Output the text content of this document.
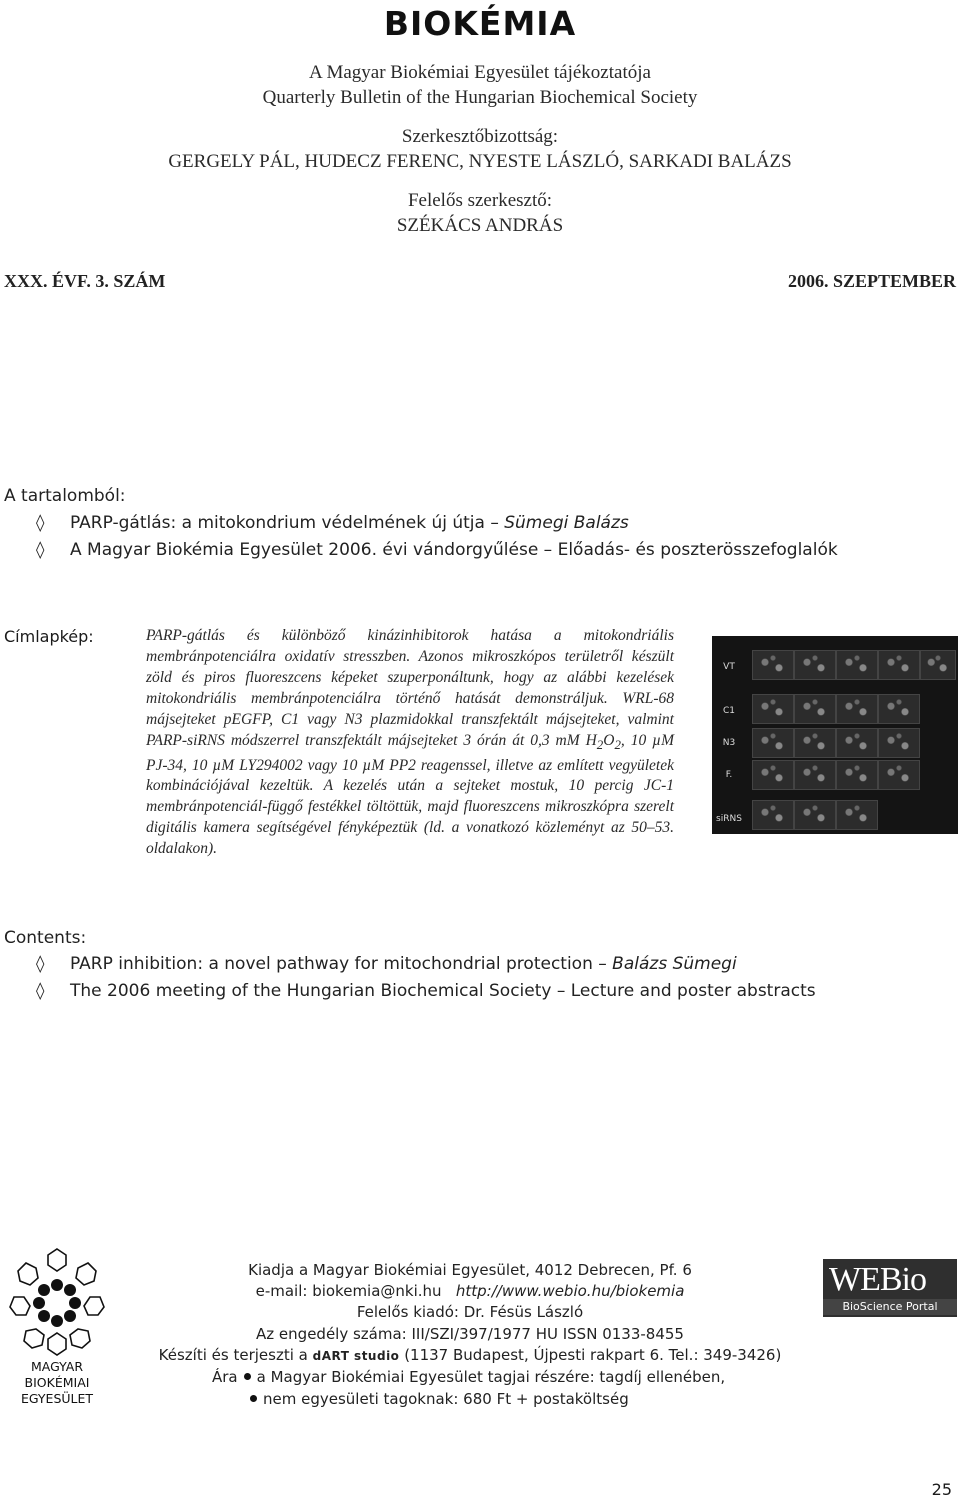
BIOKÉMIA
A Magyar Biokémiai Egyesület tájékoztatója
Quarterly Bulletin of the Hungarian Biochemical Society
Szerkesztőbizottság:
GERGELY PÁL, HUDECZ FERENC, NYESTE LÁSZLÓ, SARKADI BALÁZS
Felelős szerkesztő:
SZÉKÁCS ANDRÁS
XXX. ÉVF. 3. SZÁM	2006. SZEPTEMBER
A tartalomból:
◊ PARP-gátlás: a mitokondrium védelmének új útja – Sümegi Balázs
◊ A Magyar Biokémia Egyesület 2006. évi vándorgyűlése – Előadás- és poszterösszefoglalók
Címlapkép:	PARP-gátlás és különböző kinázinhibitorok hatása a mitokondriális membránpotenciálra oxidatív stresszben. Azonos mikroszkópos területről készült zöld és piros fluoreszcens képeket szuperponáltunk, hogy az alábbi kezelések mitokondriális membránpotenciálra történő hatását demonstráljuk. WRL-68 májsejteket pEGFP, C1 vagy N3 plazmidokkal transzfektált májsejteket, valmint PARP-siRNS módszerrel transzfektált májsejteket 3 órán át 0,3 mM $H_2O_2$, 10 µM PJ-34, 10 µM LY294002 vagy 10 µM PP2 reagenssel, illetve az említett vegyületek kombinációjával kezeltük. A kezelés után a sejteket mostuk, 10 percig JC-1 membránpotenciál-függő festékkel töltöttük, majd fluoreszcens mikroszkópra szerelt digitális kamera segítségével fényképeztük (ld. a vonatkozó közleményt az 50–53. oldalakon).
VT
C1
N3
F.
siRNS
Contents:
◊ PARP inhibition: a novel pathway for mitochondrial protection – Balázs Sümegi
◊ The 2006 meeting of the Hungarian Biochemical Society – Lecture and poster abstracts
MAGYAR
BIOKÉMIAI
EGYESÜLET
Kiadja a Magyar Biokémiai Egyesület, 4012 Debrecen, Pf. 6
e-mail: biokemia@nki.hu http://www.webio.hu/biokemia
Felelős kiadó: Dr. Fésüs László
Az engedély száma: III/SZI/397/1977 HU ISSN 0133-8455
Készíti és terjeszti a dART studio (1137 Budapest, Újpesti rakpart 6. Tel.: 349-3426)
Ára a Magyar Biokémiai Egyesület tagjai részére: tagdíj ellenében,
nem egyesületi tagoknak: 680 Ft + postaköltség
WEBio
BioScience Portal
25
